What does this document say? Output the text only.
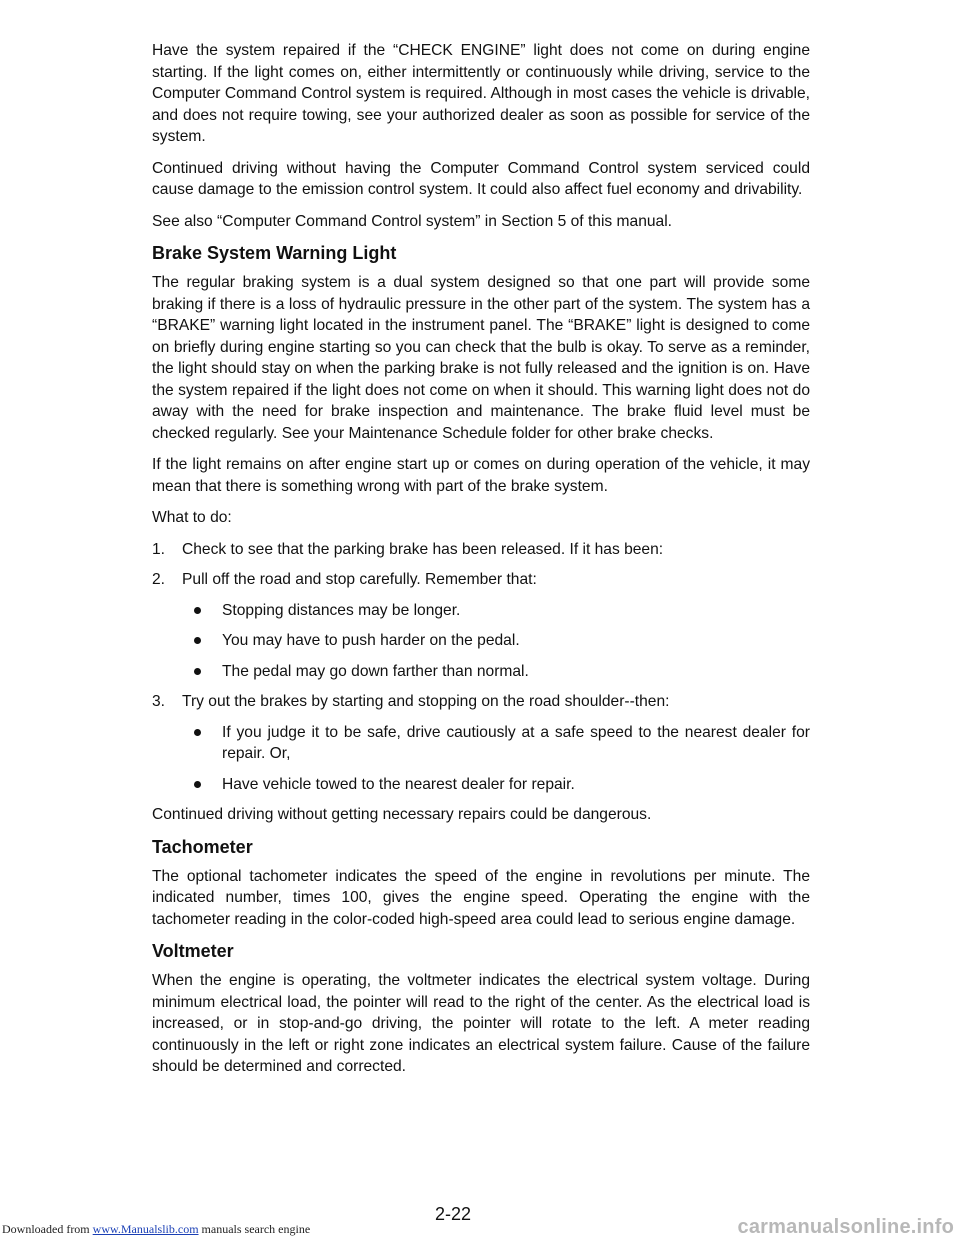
Have the system repaired if the “CHECK ENGINE” light does not come on during engine starting. If the light comes on, either intermittently or continuously while driving, service to the Computer Command Control system is required. Although in most cases the vehicle is drivable, and does not require towing, see your authorized dealer as soon as possible for service of the system.

Continued driving without having the Computer Command Control system serviced could cause damage to the emission control system. It could also affect fuel economy and drivability.

See also “Computer Command Control system” in Section 5 of this manual.

Brake System Warning Light

The regular braking system is a dual system designed so that one part will provide some braking if there is a loss of hydraulic pressure in the other part of the system. The system has a “BRAKE” warning light located in the instrument panel. The “BRAKE” light is designed to come on briefly during engine starting so you can check that the bulb is okay. To serve as a reminder, the light should stay on when the parking brake is not fully released and the ignition is on. Have the system repaired if the light does not come on when it should. This warning light does not do away with the need for brake inspection and maintenance. The brake fluid level must be checked regularly. See your Maintenance Schedule folder for other brake checks.

If the light remains on after engine start up or comes on during operation of the vehicle, it may mean that there is something wrong with part of the brake system.

What to do:

1.	Check to see that the parking brake has been released. If it has been:
2.	Pull off the road and stop carefully. Remember that:
Stopping distances may be longer.
You may have to push harder on the pedal.
The pedal may go down farther than normal.
3.	Try out the brakes by starting and stopping on the road shoulder--then:
If you judge it to be safe, drive cautiously at a safe speed to the nearest dealer for repair. Or,
Have vehicle towed to the nearest dealer for repair.

Continued driving without getting necessary repairs could be dangerous.

Tachometer

The optional tachometer indicates the speed of the engine in revolutions per minute. The indicated number, times 100, gives the engine speed. Operating the engine with the tachometer reading in the color-coded high-speed area could lead to serious engine damage.

Voltmeter

When the engine is operating, the voltmeter indicates the electrical system voltage. During minimum electrical load, the pointer will read to the right of the center. As the electrical load is increased, or in stop-and-go driving, the pointer will rotate to the left. A meter reading continuously in the left or right zone indicates an electrical system failure. Cause of the failure should be determined and corrected.

2-22
Downloaded from www.Manualslib.com manuals search engine	carmanualsonline.info
